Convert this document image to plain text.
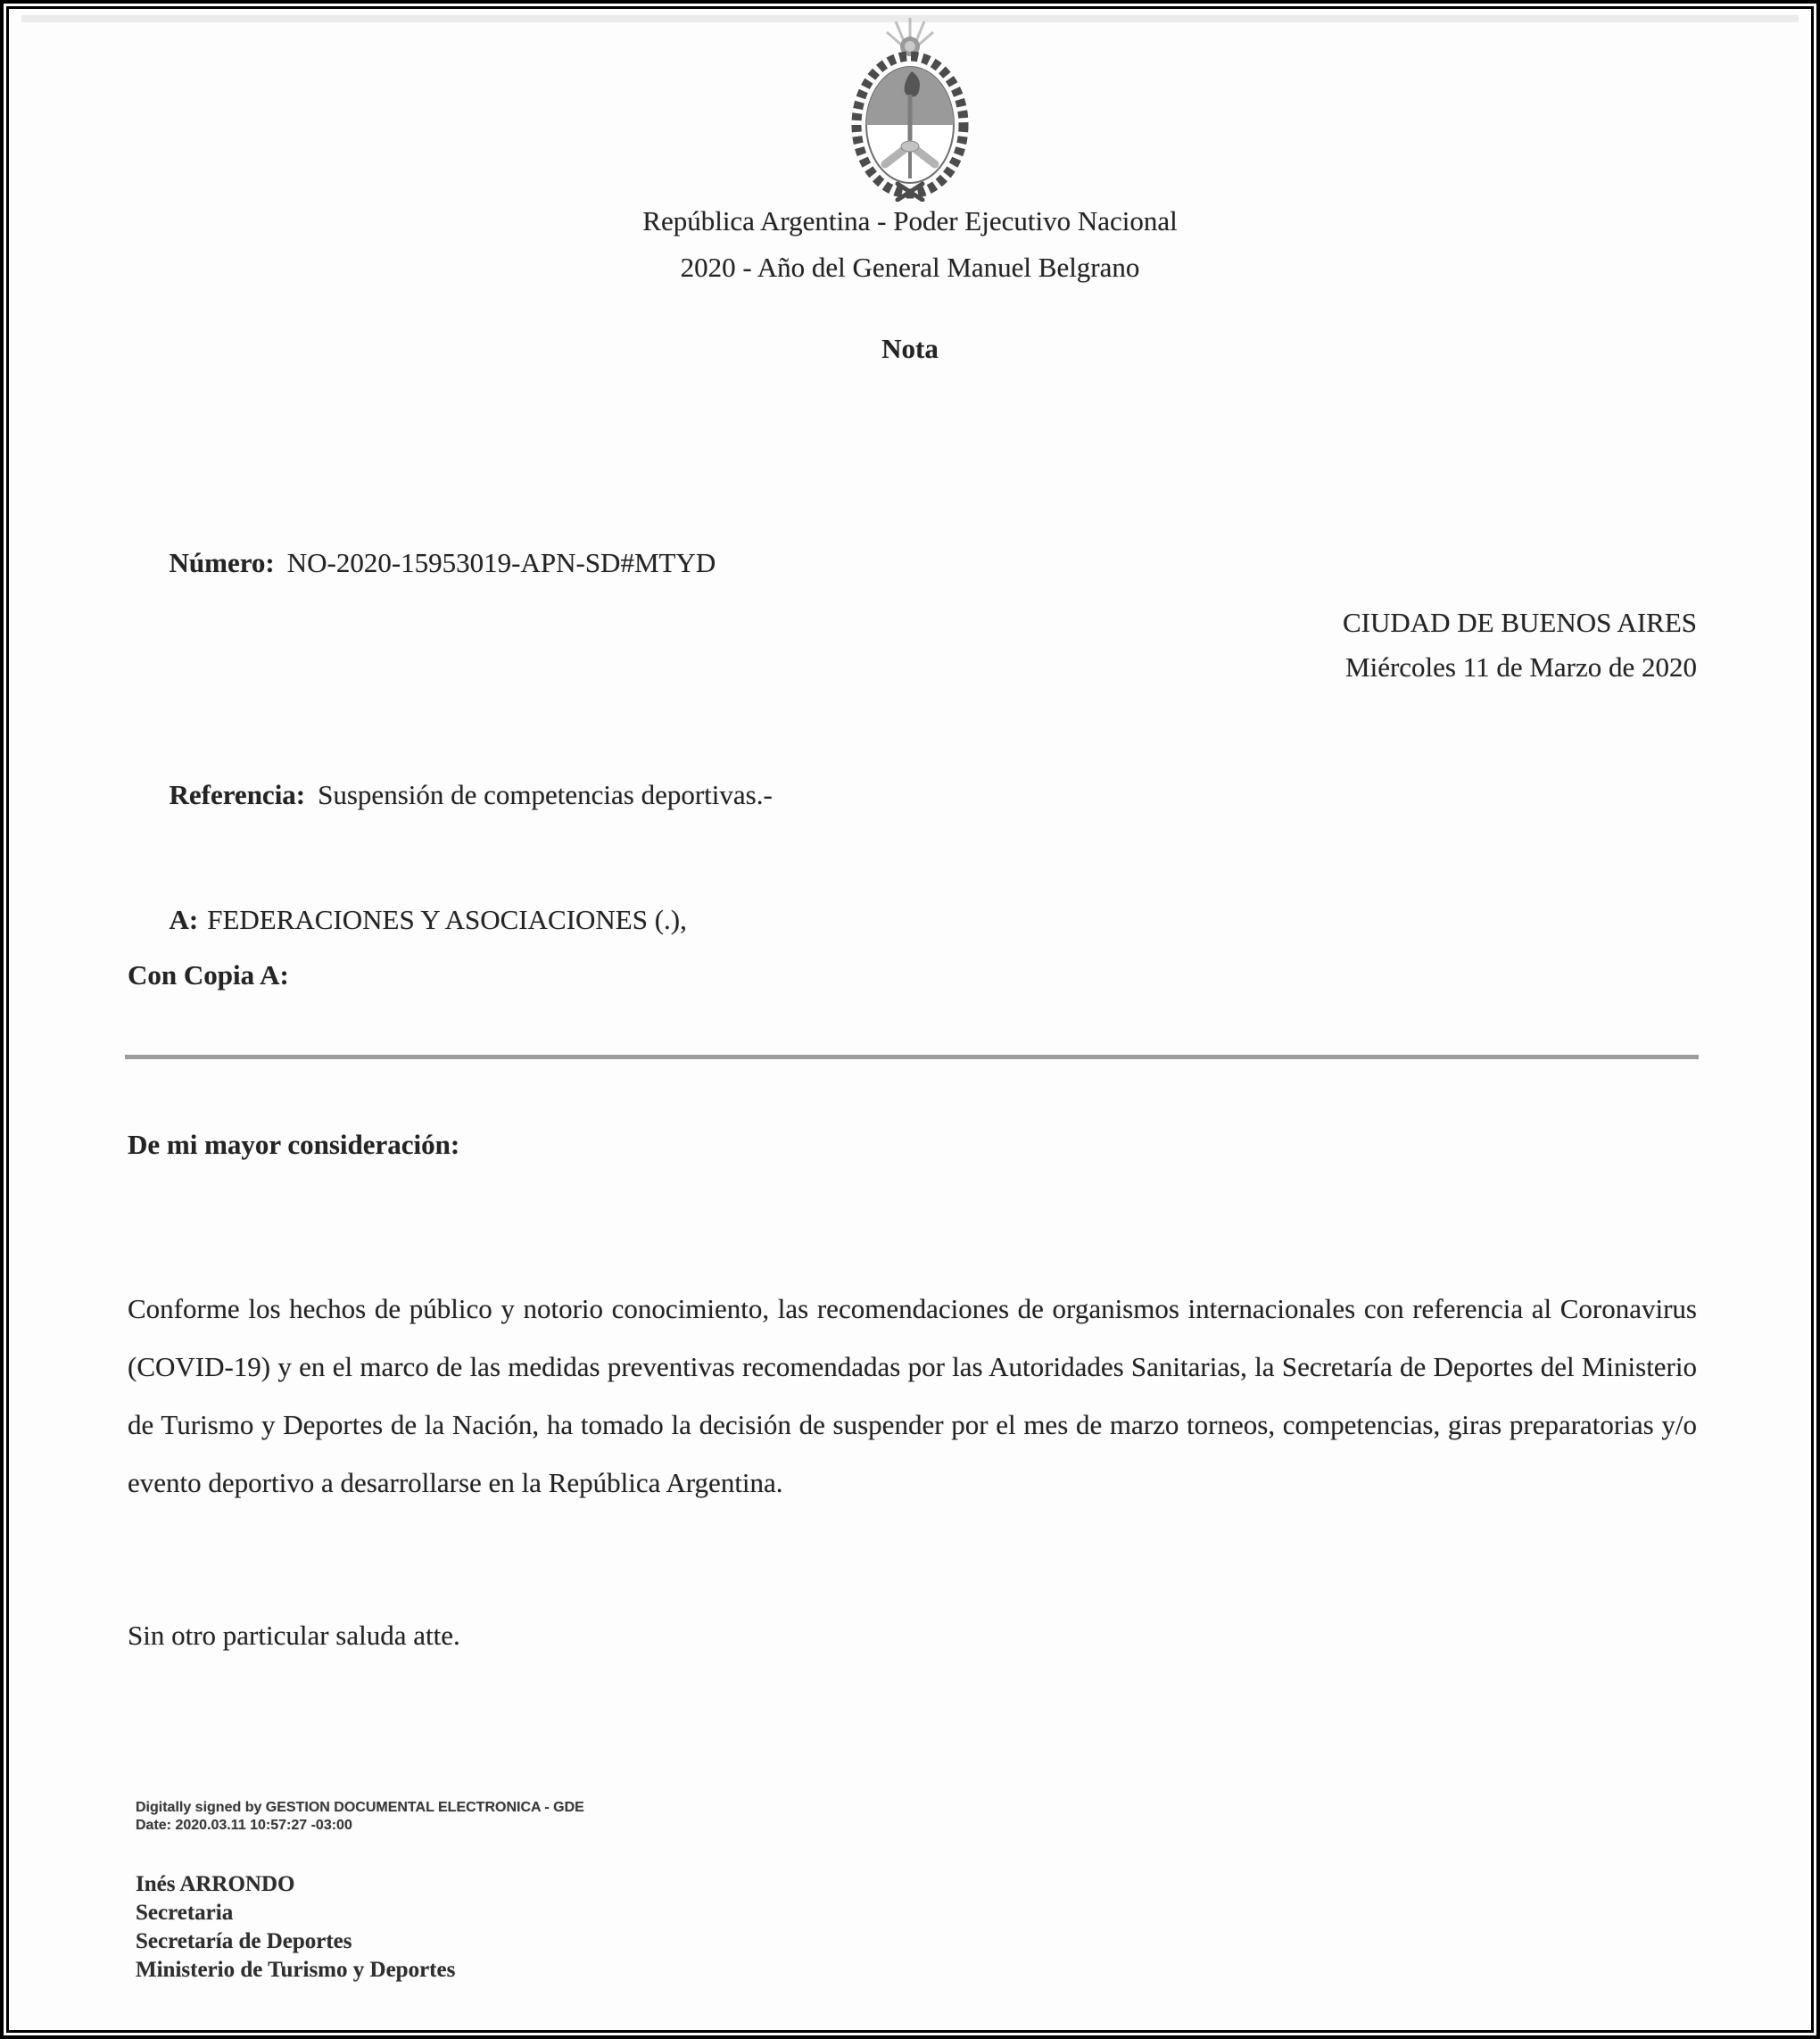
República Argentina - Poder Ejecutivo Nacional
2020 - Año del General Manuel Belgrano
Nota

Número: NO-2020-15953019-APN-SD#MTYD

CIUDAD DE BUENOS AIRES
Miércoles 11 de Marzo de 2020

Referencia: Suspensión de competencias deportivas.-

A: FEDERACIONES Y ASOCIACIONES (.),

Con Copia A:
De mi mayor consideración:
Conforme los hechos de público y notorio conocimiento, las recomendaciones de organismos internacionales con referencia al Coronavirus (COVID-19) y en el marco de las medidas preventivas recomendadas por las Autoridades Sanitarias, la Secretaría de Deportes del Ministerio de Turismo y Deportes de la Nación, ha tomado la decisión de suspender por el mes de marzo torneos, competencias, giras preparatorias y/o evento deportivo a desarrollarse en la República Argentina.
Sin otro particular saluda atte.
Digitally signed by GESTION DOCUMENTAL ELECTRONICA - GDE
Date: 2020.03.11 10:57:27 -03:00
Inés ARRONDO
Secretaria
Secretaría de Deportes
Ministerio de Turismo y Deportes
